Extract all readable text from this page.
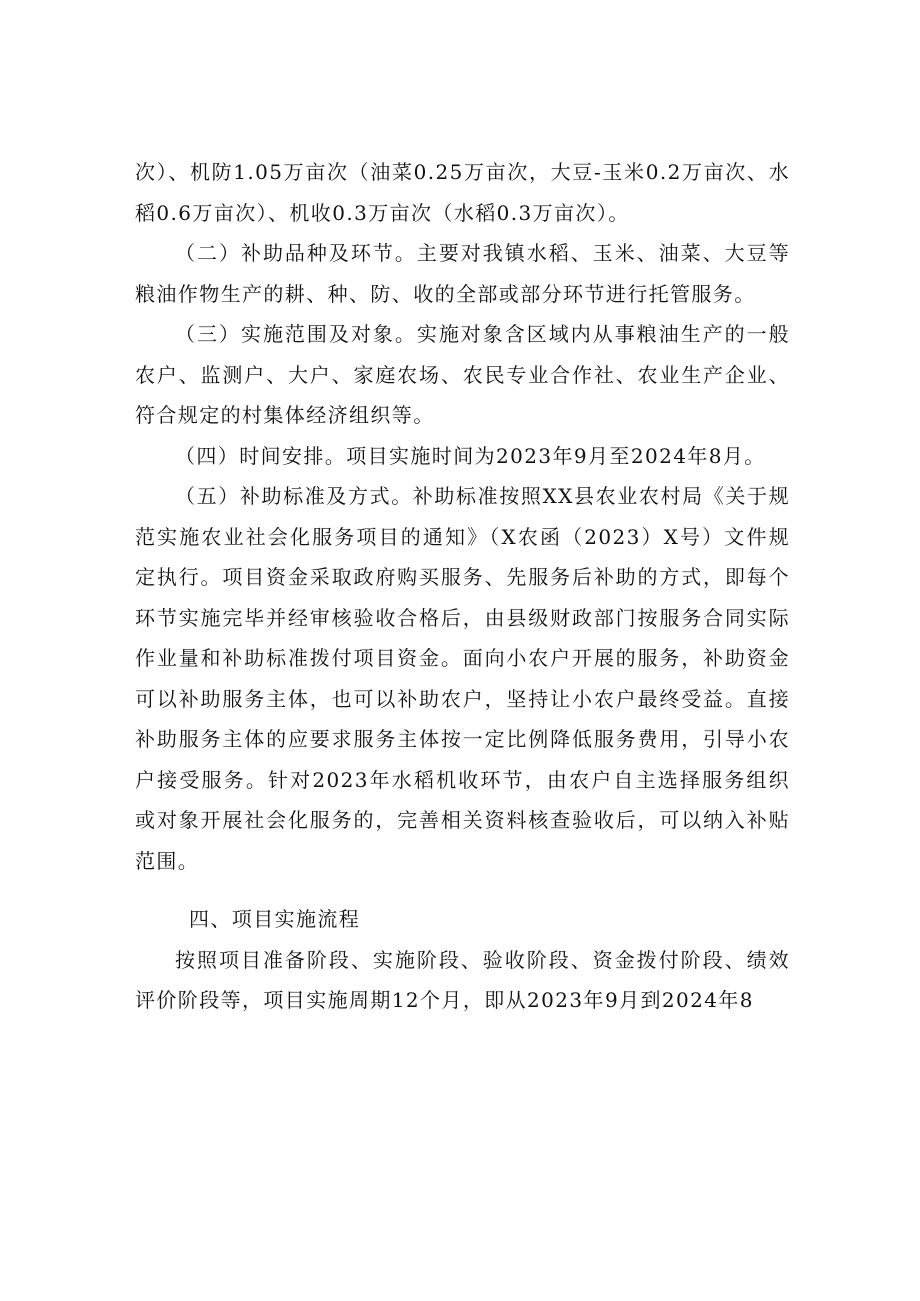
次）、机防1.05万亩次（油菜0.25万亩次，大豆-玉米0.2万亩次、水稻0.6万亩次）、机收0.3万亩次（水稻0.3万亩次）。

（二）补助品种及环节。主要对我镇水稻、玉米、油菜、大豆等粮油作物生产的耕、种、防、收的全部或部分环节进行托管服务。

（三）实施范围及对象。实施对象含区域内从事粮油生产的一般农户、监测户、大户、家庭农场、农民专业合作社、农业生产企业、符合规定的村集体经济组织等。

（四）时间安排。项目实施时间为2023年9月至2024年8月。

（五）补助标准及方式。补助标准按照XX县农业农村局《关于规范实施农业社会化服务项目的通知》（X农函（2023）X号）文件规定执行。项目资金采取政府购买服务、先服务后补助的方式，即每个环节实施完毕并经审核验收合格后，由县级财政部门按服务合同实际作业量和补助标准拨付项目资金。面向小农户开展的服务，补助资金可以补助服务主体，也可以补助农户，坚持让小农户最终受益。直接补助服务主体的应要求服务主体按一定比例降低服务费用，引导小农户接受服务。针对2023年水稻机收环节，由农户自主选择服务组织或对象开展社会化服务的，完善相关资料核查验收后，可以纳入补贴范围。

四、项目实施流程

按照项目准备阶段、实施阶段、验收阶段、资金拨付阶段、绩效评价阶段等，项目实施周期12个月，即从2023年9月到2024年8
